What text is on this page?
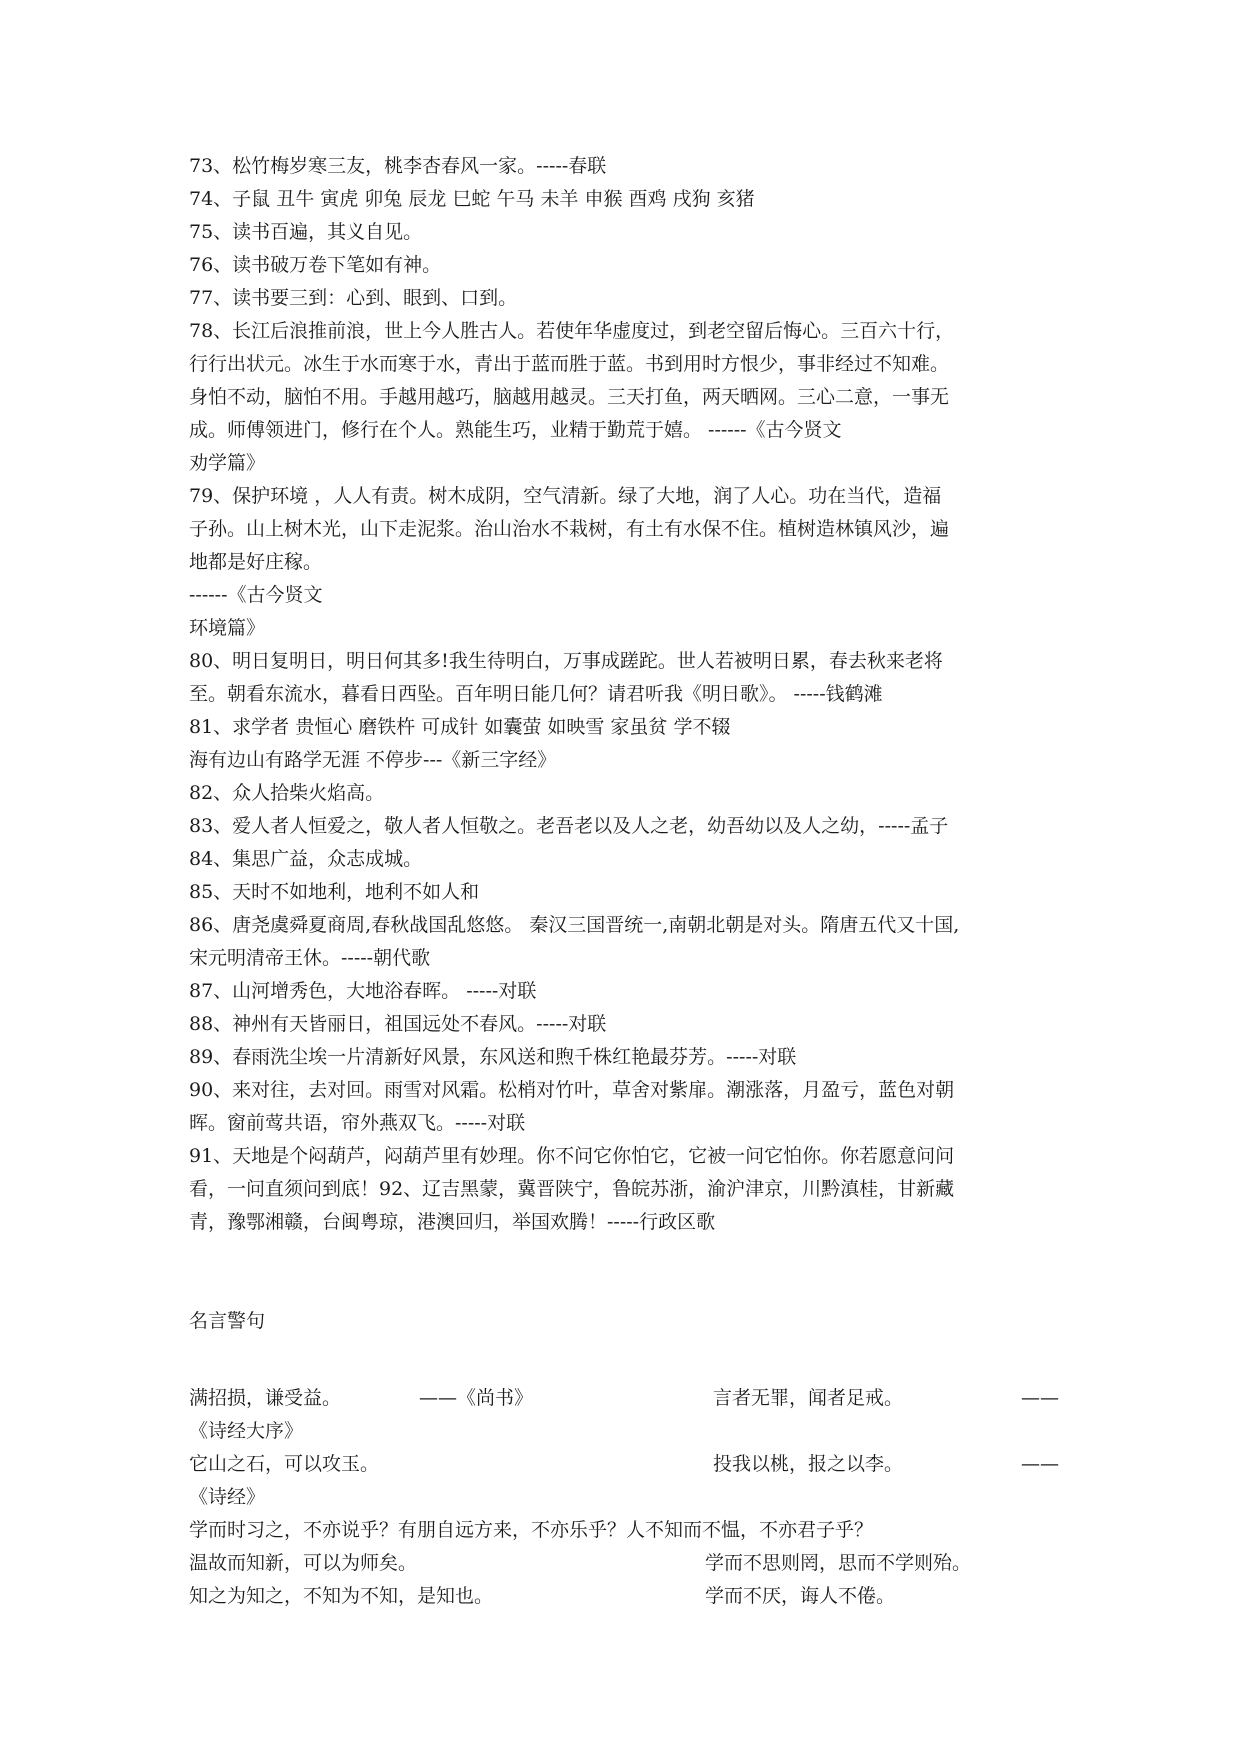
73、松竹梅岁寒三友，桃李杏春风一家。-----春联
74、子鼠 丑牛 寅虎 卯兔 辰龙 巳蛇 午马 未羊 申猴 酉鸡 戌狗 亥猪
75、读书百遍，其义自见。
76、读书破万卷下笔如有神。
77、读书要三到：心到、眼到、口到。
78、长江后浪推前浪，世上今人胜古人。若使年华虚度过，到老空留后悔心。三百六十行，
行行出状元。冰生于水而寒于水，青出于蓝而胜于蓝。书到用时方恨少，事非经过不知难。
身怕不动，脑怕不用。手越用越巧，脑越用越灵。三天打鱼，两天晒网。三心二意，一事无
成。师傅领进门，修行在个人。熟能生巧，业精于勤荒于嬉。 ------《古今贤文
劝学篇》
79、保护环境 ，人人有责。树木成阴，空气清新。绿了大地，润了人心。功在当代，造福
子孙。山上树木光，山下走泥浆。治山治水不栽树，有土有水保不住。植树造林镇风沙，遍
地都是好庄稼。
------《古今贤文
环境篇》
80、明日复明日，明日何其多!我生待明白，万事成蹉跎。世人若被明日累，春去秋来老将
至。朝看东流水，暮看日西坠。百年明日能几何？请君听我《明日歌》。 -----钱鹤滩
81、求学者 贵恒心 磨铁杵 可成针 如囊萤 如映雪 家虽贫 学不辍
海有边山有路学无涯 不停步---《新三字经》
82、众人拾柴火焰高。
83、爱人者人恒爱之，敬人者人恒敬之。老吾老以及人之老，幼吾幼以及人之幼，-----孟子
84、集思广益，众志成城。
85、天时不如地利，地利不如人和
86、唐尧虞舜夏商周,春秋战国乱悠悠。 秦汉三国晋统一,南朝北朝是对头。隋唐五代又十国,
宋元明清帝王休。-----朝代歌
87、山河增秀色，大地浴春晖。 -----对联
88、神州有天皆丽日，祖国远处不春风。-----对联
89、春雨洗尘埃一片清新好风景，东风送和煦千株红艳最芬芳。-----对联
90、来对往，去对回。雨雪对风霜。松梢对竹叶，草舍对紫扉。潮涨落，月盈亏，蓝色对朝
晖。窗前莺共语，帘外燕双飞。-----对联
91、天地是个闷葫芦，闷葫芦里有妙理。你不问它你怕它，它被一问它怕你。你若愿意问问
看，一问直须问到底！92、辽吉黑蒙，冀晋陕宁，鲁皖苏浙，渝沪津京，川黔滇桂，甘新藏
青，豫鄂湘赣，台闽粤琼，港澳回归，举国欢腾！-----行政区歌
名言警句
满招损，谦受益。	——《尚书》	言者无罪，闻者足戒。	——
《诗经大序》
它山之石，可以攻玉。	投我以桃，报之以李。	——
《诗经》
学而时习之，不亦说乎？有朋自远方来，不亦乐乎？人不知而不愠，不亦君子乎？
温故而知新，可以为师矣。	学而不思则罔，思而不学则殆。
知之为知之，不知为不知，是知也。	学而不厌，诲人不倦。
